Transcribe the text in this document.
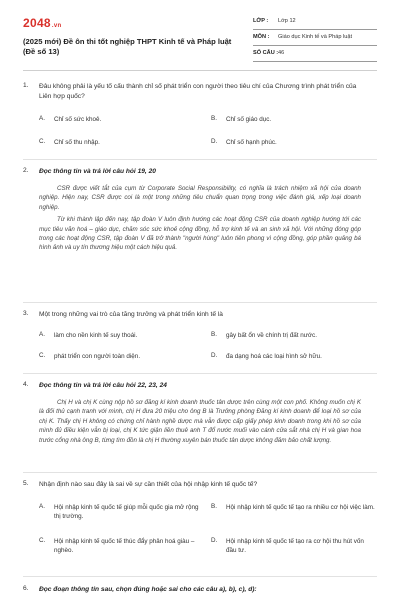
2048.vn
(2025 mới) Đề ôn thi tốt nghiệp THPT Kinh tế và Pháp luật (Đề số 13)
LỚP : Lớp 12
MÔN : Giáo dục Kinh tế và Pháp luật
SỐ CÂU : 46
1. Đâu không phải là yếu tố cấu thành chỉ số phát triển con người theo tiêu chí của Chương trình phát triển của Liên hợp quốc?
A. Chỉ số sức khoẻ.	B. Chỉ số giáo dục.
C. Chỉ số thu nhập.	D. Chỉ số hạnh phúc.
2. Đọc thông tin và trả lời câu hỏi 19, 20

CSR được viết tắt của cụm từ Corporate Social Responsibility, có nghĩa là trách nhiệm xã hội của doanh nghiệp. Hiện nay, CSR được coi là một trong những tiêu chuẩn quan trọng trong việc đánh giá, xếp loại doanh nghiệp.

Từ khi thành lập đến nay, tập đoàn V luôn định hướng các hoạt động CSR của doanh nghiệp hướng tới các mục tiêu văn hoá – giáo dục, chăm sóc sức khoẻ cộng đồng, hỗ trợ kinh tế và an sinh xã hội. Với những đóng góp trong các hoạt động CSR, tập đoàn V đã trở thành "người hùng" luôn tiên phong vì cộng đồng, góp phần quảng bá hình ảnh và uy tín thương hiệu một cách hiệu quả.

3. Một trong những vai trò của tăng trưởng và phát triển kinh tế là
A. làm cho nền kinh tế suy thoái.	B. gây bất ổn về chính trị đất nước.
C. phát triển con người toàn diện.	D. đa dạng hoá các loại hình sở hữu.
4. Đọc thông tin và trả lời câu hỏi 22, 23, 24

Chị H và chị K cùng nộp hồ sơ đăng kí kinh doanh thuốc tân dược trên cùng một con phố. Không muốn chị K là đối thủ cạnh tranh với mình, chị H đưa 20 triệu cho ông B là Trưởng phòng Đăng kí kinh doanh để loại hồ sơ của chị K. Thấy chị H không có chứng chỉ hành nghề dược mà vẫn được cấp giấy phép kinh doanh trong khi hồ sơ của mình đủ điều kiện vẫn bị loại, chị K tức giận liền thuê anh T đổ nước muối vào cánh cửa sắt nhà chị H và gian hoa trước cổng nhà ông B, từng tìm đồn là chị H thường xuyên bán thuốc tân dược không đảm bảo chất lượng.

5. Nhận định nào sau đây là sai về sự cần thiết của hội nhập kinh tế quốc tế?
A. Hội nhập kinh tế quốc tế giúp mỗi quốc gia mở rộng thị trường.
B. Hội nhập kinh tế quốc tế tạo ra nhiều cơ hội việc làm.
C. Hội nhập kinh tế quốc tế thúc đẩy phân hoá giàu – nghèo.
D. Hội nhập kinh tế quốc tế tạo ra cơ hội thu hút vốn đầu tư.
6. Đọc đoạn thông tin sau, chọn đúng hoặc sai cho các câu a), b), c), d):
